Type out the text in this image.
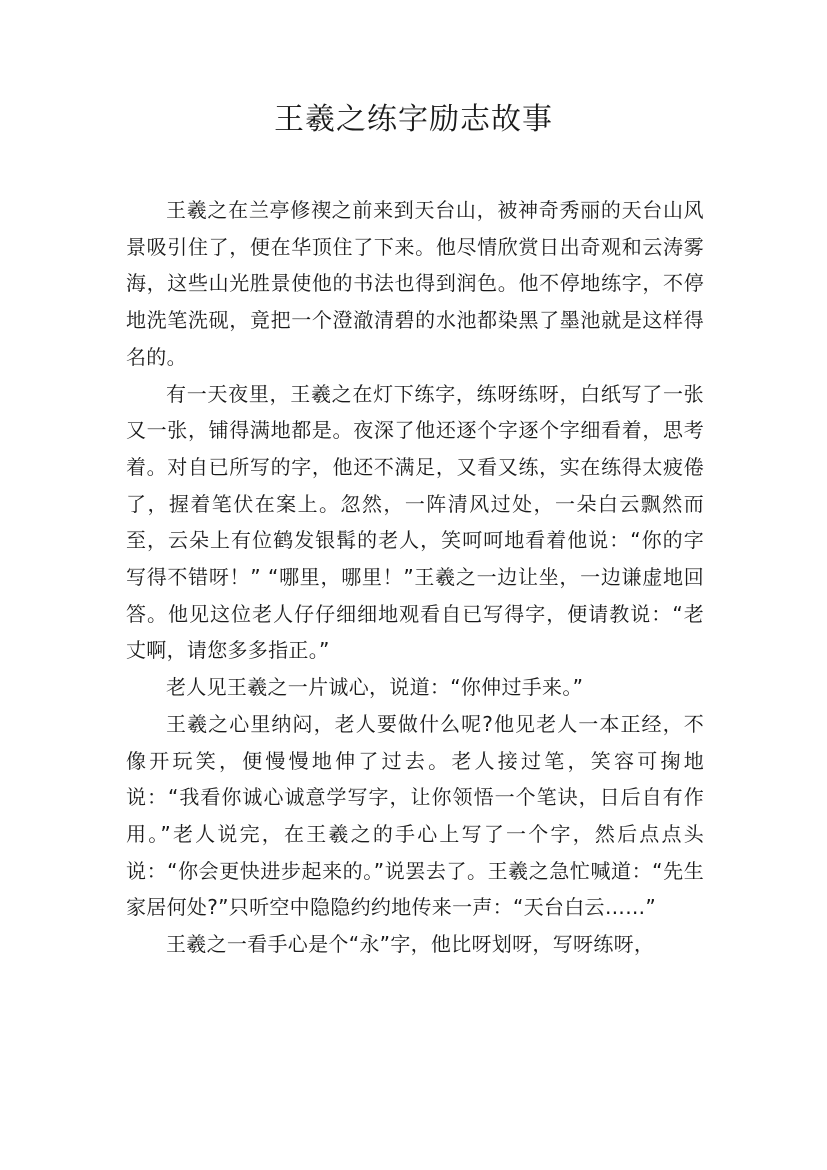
王羲之练字励志故事

王羲之在兰亭修禊之前来到天台山，被神奇秀丽的天台山风景吸引住了，便在华顶住了下来。他尽情欣赏日出奇观和云涛雾海，这些山光胜景使他的书法也得到润色。他不停地练字，不停地洗笔洗砚，竟把一个澄澈清碧的水池都染黑了墨池就是这样得名的。

有一天夜里，王羲之在灯下练字，练呀练呀，白纸写了一张又一张，铺得满地都是。夜深了他还逐个字逐个字细看着，思考着。对自已所写的字，他还不满足，又看又练，实在练得太疲倦了，握着笔伏在案上。忽然，一阵清风过处，一朵白云飘然而至，云朵上有位鹤发银髯的老人，笑呵呵地看着他说：“你的字写得不错呀！” “哪里，哪里！”王羲之一边让坐，一边谦虚地回答。他见这位老人仔仔细细地观看自已写得字，便请教说：“老丈啊，请您多多指正。”

老人见王羲之一片诚心，说道：“你伸过手来。”

王羲之心里纳闷，老人要做什么呢?他见老人一本正经，不像开玩笑，便慢慢地伸了过去。老人接过笔，笑容可掬地说：“我看你诚心诚意学写字，让你领悟一个笔诀，日后自有作用。”老人说完，在王羲之的手心上写了一个字，然后点点头说：“你会更快进步起来的。”说罢去了。王羲之急忙喊道：“先生家居何处?”只听空中隐隐约约地传来一声：“天台白云……”

王羲之一看手心是个“永”字，他比呀划呀，写呀练呀，
